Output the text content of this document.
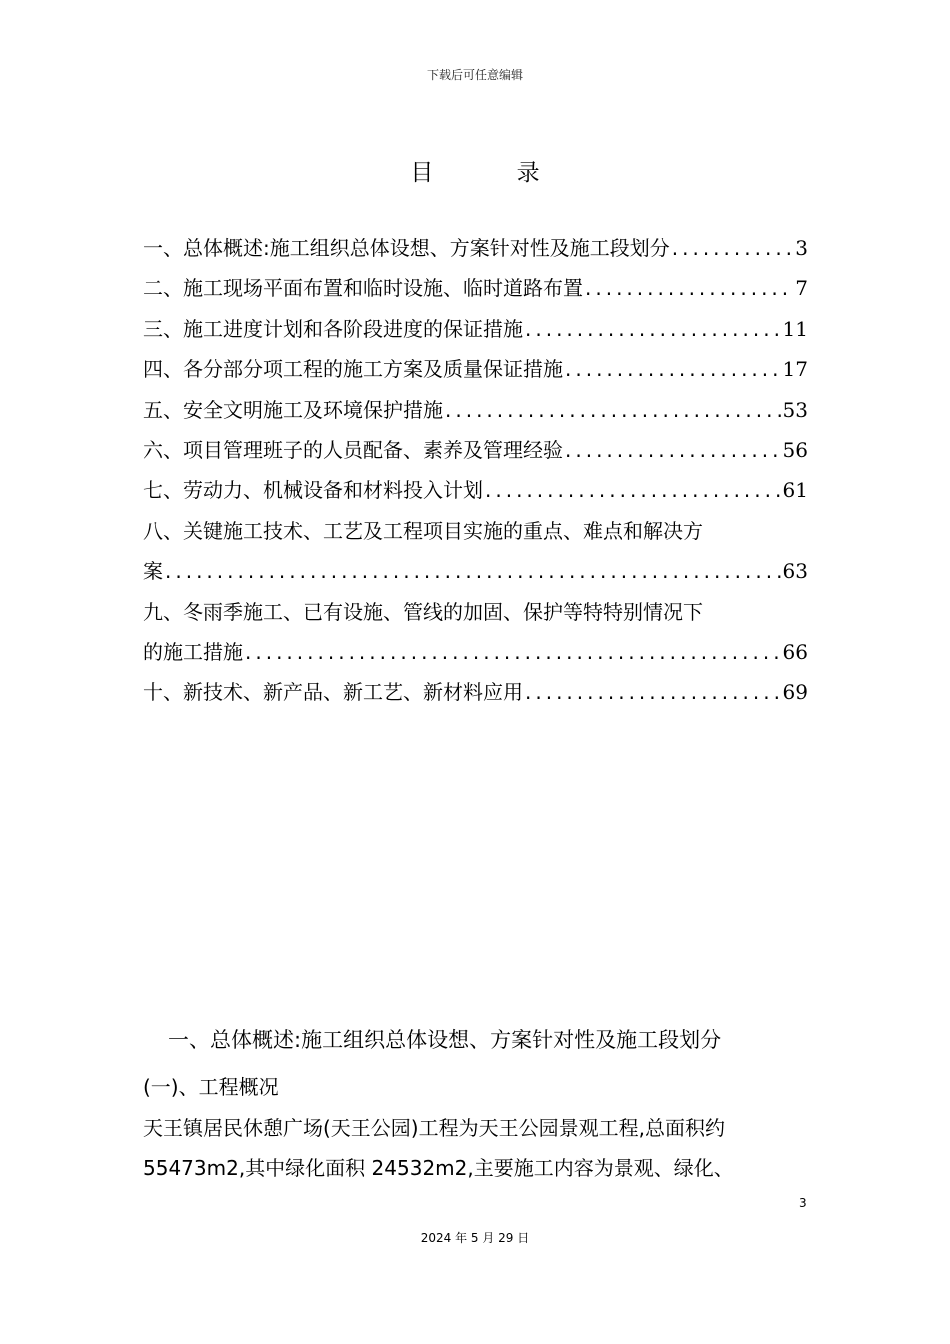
下载后可任意编辑
目 录
一、总体概述:施工组织总体设想、方案针对性及施工段划分 .....	3
二、施工现场平面布置和临时设施、临时道路布置 .....	7
三、施工进度计划和各阶段进度的保证措施 .....	11
四、各分部分项工程的施工方案及质量保证措施 .....	17
五、安全文明施工及环境保护措施 .....	53
六、项目管理班子的人员配备、素养及管理经验 .....	56
七、劳动力、机械设备和材料投入计划 .....	61
八、关键施工技术、工艺及工程项目实施的重点、难点和解决方
案 .....	63
九、冬雨季施工、已有设施、管线的加固、保护等特特别情况下
的施工措施 .....	66
十、新技术、新产品、新工艺、新材料应用 .....	69
一、总体概述:施工组织总体设想、方案针对性及施工段划分
(一)、工程概况

天王镇居民休憩广场(天王公园)工程为天王公园景观工程,总面积约 55473m2,其中绿化面积 24532m2,主要施工内容为景观、绿化、

3
2024 年 5 月 29 日
